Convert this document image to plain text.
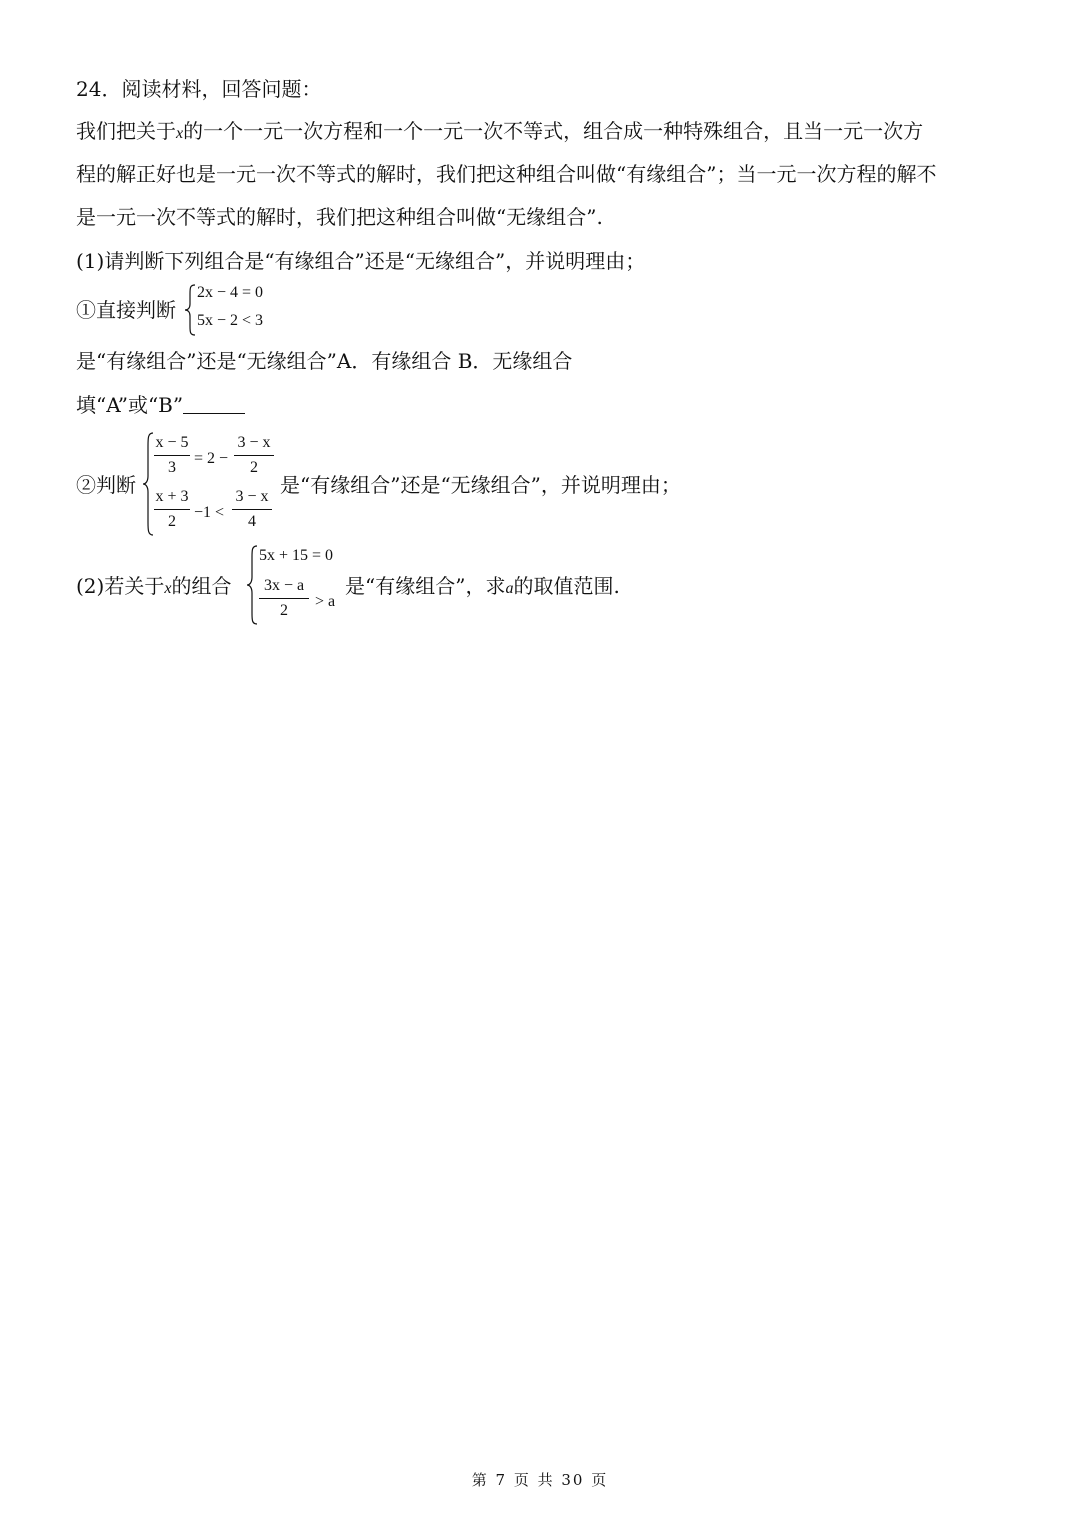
24．阅读材料，回答问题：
我们把关于x的一个一元一次方程和一个一元一次不等式，组合成一种特殊组合，且当一元一次方
程的解正好也是一元一次不等式的解时，我们把这种组合叫做“有缘组合”；当一元一次方程的解不
是一元一次不等式的解时，我们把这种组合叫做“无缘组合”.
(1)请判断下列组合是“有缘组合”还是“无缘组合”，并说明理由；
①直接判断
2x − 4 = 0
5x − 2 < 3
是“有缘组合”还是“无缘组合”A．有缘组合 B．无缘组合
填“A”或“B”
②判断
x − 5
3
= 2 −
3 − x
2
x + 3
2
−1 <
3 − x
4
是“有缘组合”还是“无缘组合”，并说明理由；
(2)若关于x的组合
5x + 15 = 0
3x − a
2
> a
是“有缘组合”，求a的取值范围.
第 7 页 共 30 页
